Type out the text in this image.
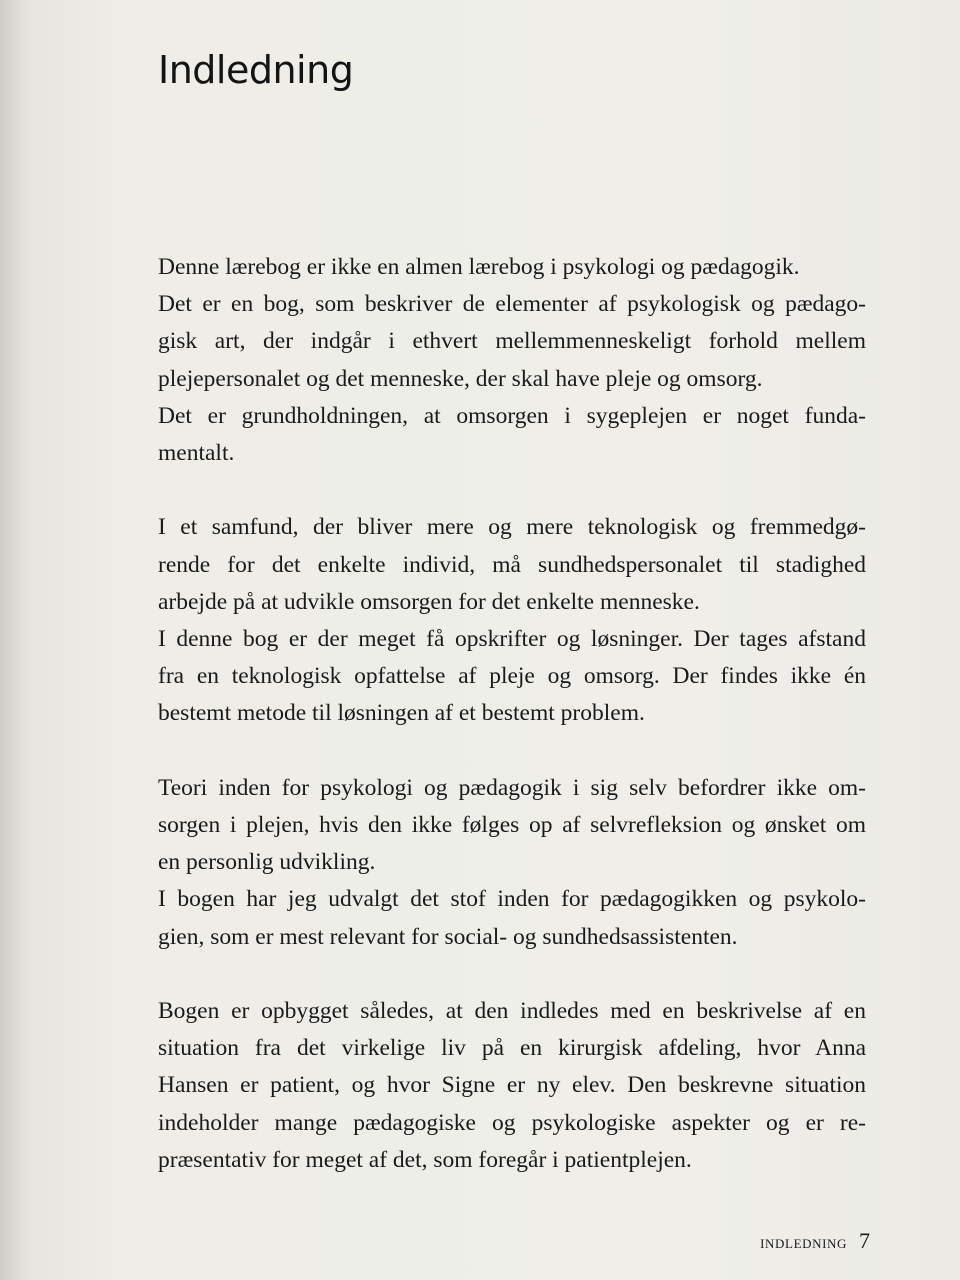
Indledning

Denne lærebog er ikke en almen lærebog i psykologi og pædagogik.
Det er en bog, som beskriver de elementer af psykologisk og pædago-
gisk art, der indgår i ethvert mellemmenneskeligt forhold mellem
plejepersonalet og det menneske, der skal have pleje og omsorg.
Det er grundholdningen, at omsorgen i sygeplejen er noget funda-
mentalt.

I et samfund, der bliver mere og mere teknologisk og fremmedgø-
rende for det enkelte individ, må sundhedspersonalet til stadighed
arbejde på at udvikle omsorgen for det enkelte menneske.
I denne bog er der meget få opskrifter og løsninger. Der tages afstand
fra en teknologisk opfattelse af pleje og omsorg. Der findes ikke én
bestemt metode til løsningen af et bestemt problem.

Teori inden for psykologi og pædagogik i sig selv befordrer ikke om-
sorgen i plejen, hvis den ikke følges op af selvrefleksion og ønsket om
en personlig udvikling.
I bogen har jeg udvalgt det stof inden for pædagogikken og psykolo-
gien, som er mest relevant for social- og sundhedsassistenten.

Bogen er opbygget således, at den indledes med en beskrivelse af en
situation fra det virkelige liv på en kirurgisk afdeling, hvor Anna
Hansen er patient, og hvor Signe er ny elev. Den beskrevne situation
indeholder mange pædagogiske og psykologiske aspekter og er re-
præsentativ for meget af det, som foregår i patientplejen.

INDLEDNING 7
